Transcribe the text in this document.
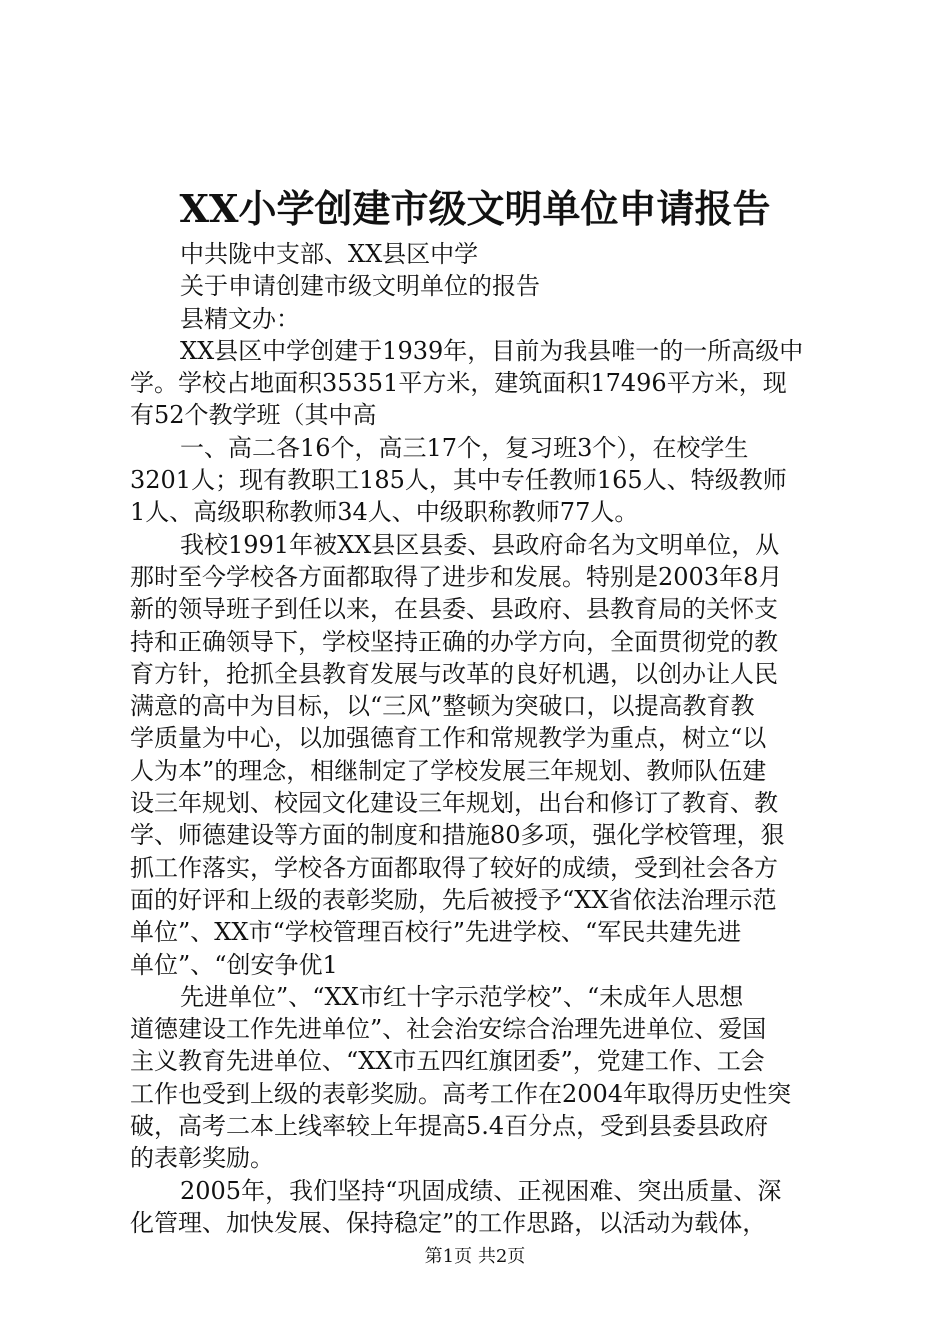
XX小学创建市级文明单位申请报告
中共陇中支部、XX县区中学
关于申请创建市级文明单位的报告
县精文办：
XX县区中学创建于1939年，目前为我县唯一的一所高级中
学。学校占地面积35351平方米，建筑面积17496平方米，现
有52个教学班（其中高
一、高二各16个，高三17个，复习班3个），在校学生
3201人；现有教职工185人，其中专任教师165人、特级教师
1人、高级职称教师34人、中级职称教师77人。
我校1991年被XX县区县委、县政府命名为文明单位，从
那时至今学校各方面都取得了进步和发展。特别是2003年8月
新的领导班子到任以来，在县委、县政府、县教育局的关怀支
持和正确领导下，学校坚持正确的办学方向，全面贯彻党的教
育方针，抢抓全县教育发展与改革的良好机遇，以创办让人民
满意的高中为目标，以“三风”整顿为突破口，以提高教育教
学质量为中心，以加强德育工作和常规教学为重点，树立“以
人为本”的理念，相继制定了学校发展三年规划、教师队伍建
设三年规划、校园文化建设三年规划，出台和修订了教育、教
学、师德建设等方面的制度和措施80多项，强化学校管理，狠
抓工作落实，学校各方面都取得了较好的成绩，受到社会各方
面的好评和上级的表彰奖励，先后被授予“XX省依法治理示范
单位”、XX市“学校管理百校行”先进学校、“军民共建先进
单位”、“创安争优1
先进单位”、“XX市红十字示范学校”、“未成年人思想
道德建设工作先进单位”、社会治安综合治理先进单位、爱国
主义教育先进单位、“XX市五四红旗团委”，党建工作、工会
工作也受到上级的表彰奖励。高考工作在2004年取得历史性突
破，高考二本上线率较上年提高5.4百分点，受到县委县政府
的表彰奖励。
2005年，我们坚持“巩固成绩、正视困难、突出质量、深
化管理、加快发展、保持稳定”的工作思路，以活动为载体，
第1页 共2页
